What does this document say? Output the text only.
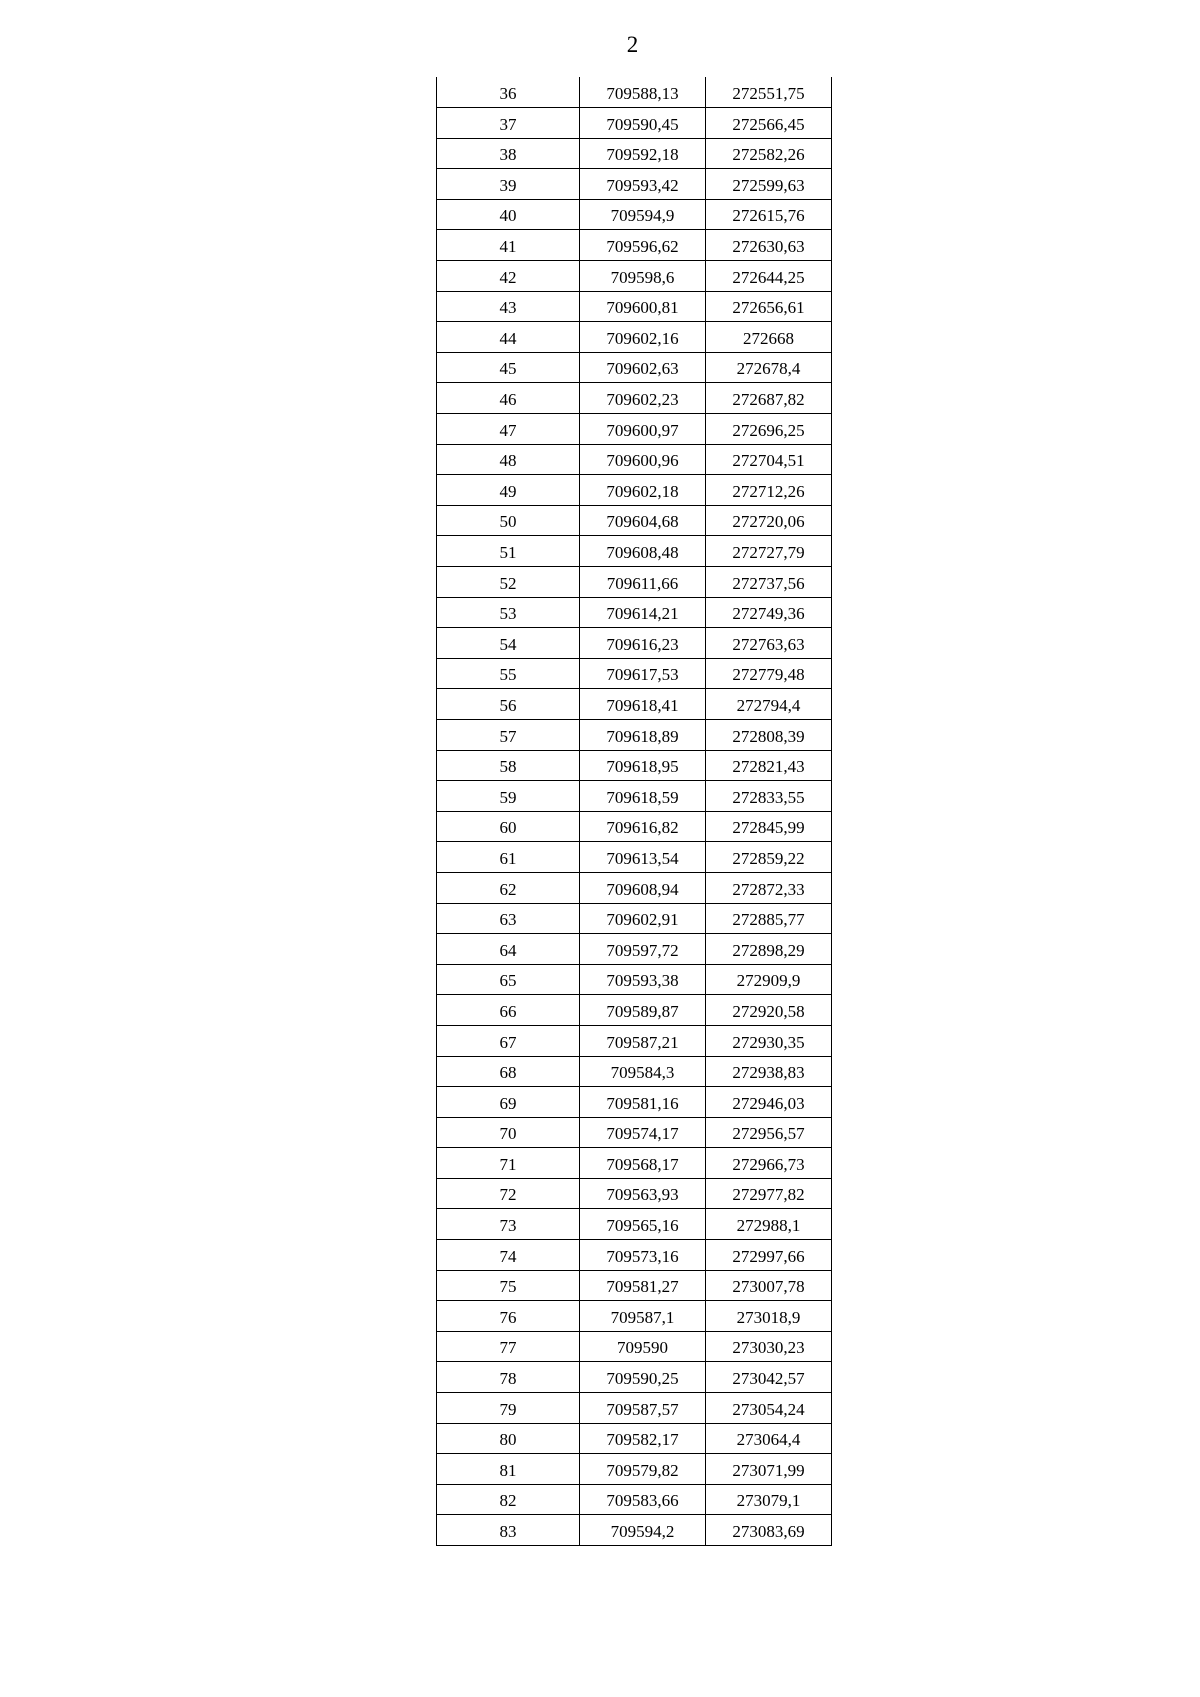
2
36	709588,13	272551,75
37	709590,45	272566,45
38	709592,18	272582,26
39	709593,42	272599,63
40	709594,9	272615,76
41	709596,62	272630,63
42	709598,6	272644,25
43	709600,81	272656,61
44	709602,16	272668
45	709602,63	272678,4
46	709602,23	272687,82
47	709600,97	272696,25
48	709600,96	272704,51
49	709602,18	272712,26
50	709604,68	272720,06
51	709608,48	272727,79
52	709611,66	272737,56
53	709614,21	272749,36
54	709616,23	272763,63
55	709617,53	272779,48
56	709618,41	272794,4
57	709618,89	272808,39
58	709618,95	272821,43
59	709618,59	272833,55
60	709616,82	272845,99
61	709613,54	272859,22
62	709608,94	272872,33
63	709602,91	272885,77
64	709597,72	272898,29
65	709593,38	272909,9
66	709589,87	272920,58
67	709587,21	272930,35
68	709584,3	272938,83
69	709581,16	272946,03
70	709574,17	272956,57
71	709568,17	272966,73
72	709563,93	272977,82
73	709565,16	272988,1
74	709573,16	272997,66
75	709581,27	273007,78
76	709587,1	273018,9
77	709590	273030,23
78	709590,25	273042,57
79	709587,57	273054,24
80	709582,17	273064,4
81	709579,82	273071,99
82	709583,66	273079,1
83	709594,2	273083,69
